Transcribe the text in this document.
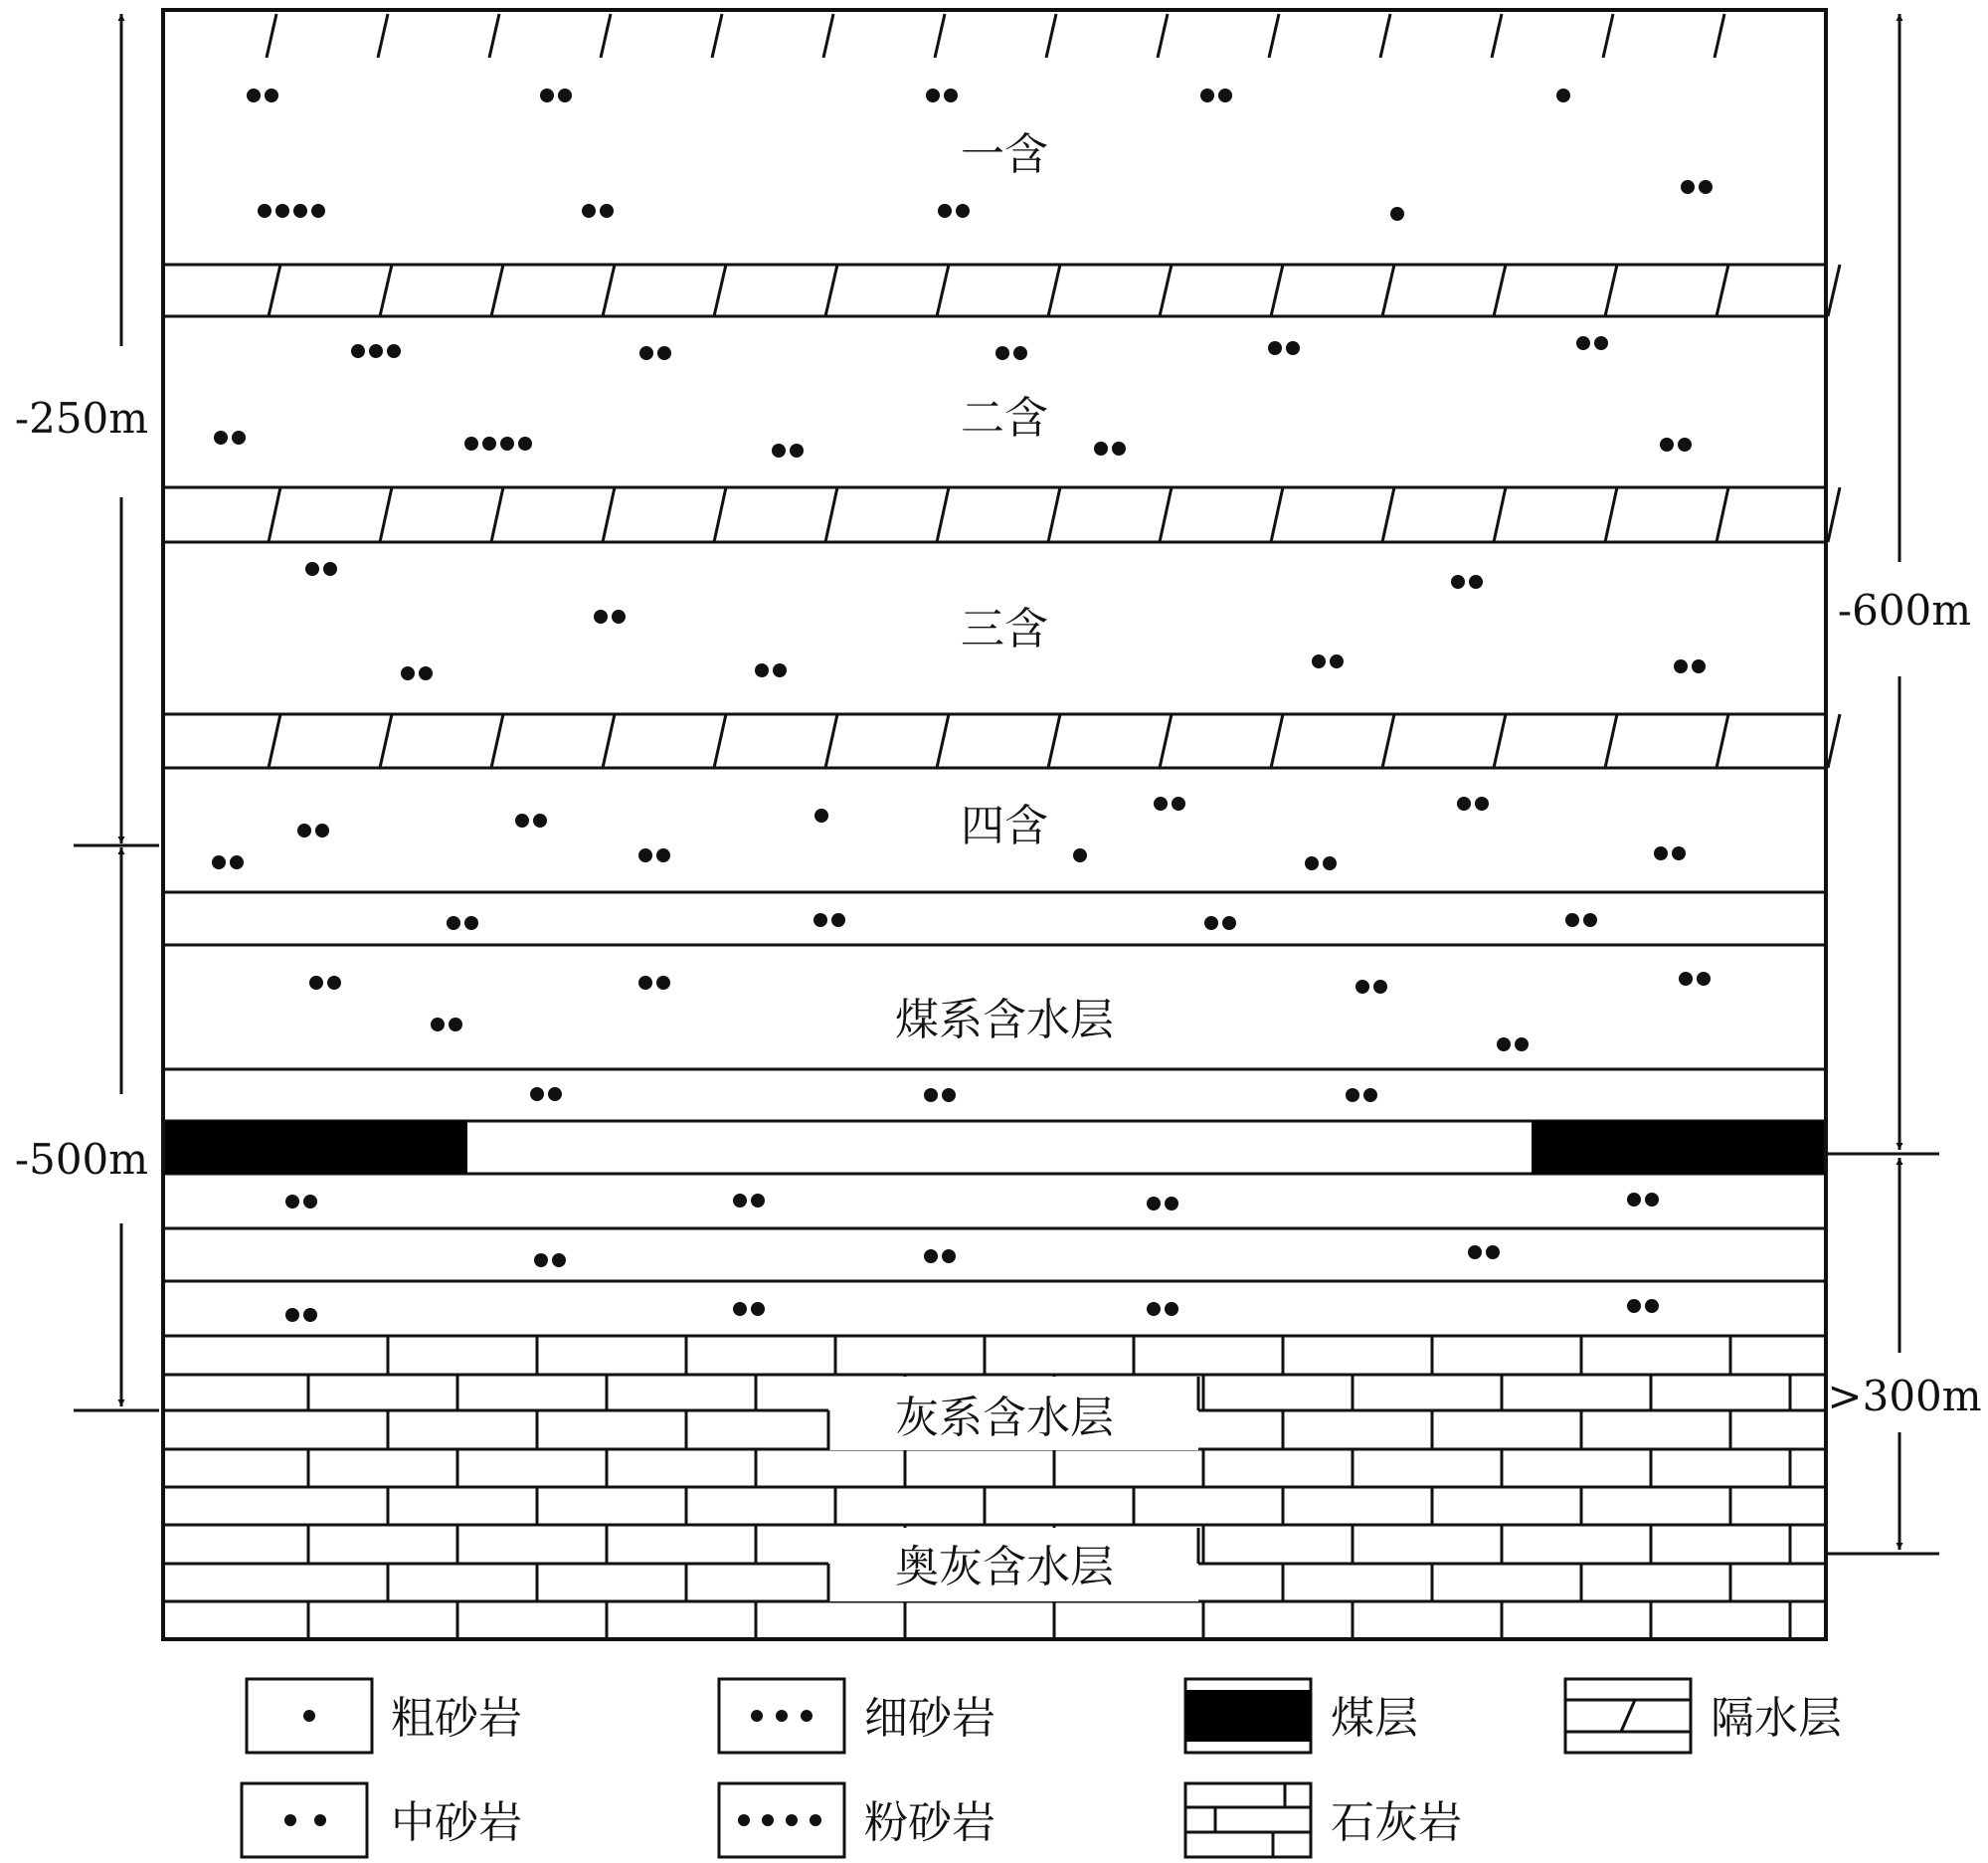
一含
二含
三含
四含
煤系含水层
灰系含水层
奥灰含水层
-250m
-500m
-600m
>300m
粗砂岩	细砂岩	煤层	隔水层
中砂岩	粉砂岩	石灰岩
